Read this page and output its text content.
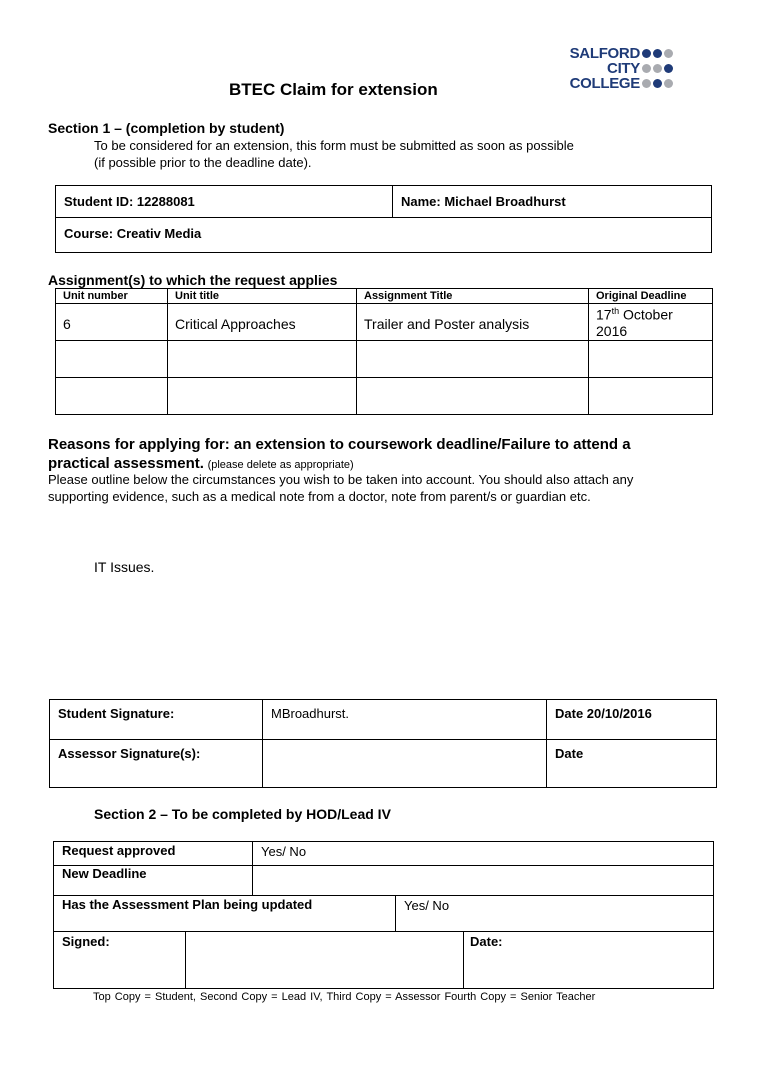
SALFORD
CITY
COLLEGE
BTEC Claim for extension
Section 1 – (completion by student)
To be considered for an extension, this form must be submitted as soon as possible
(if possible prior to the deadline date).
Student ID: 12288081	Name: Michael Broadhurst

Course: Creativ Media
Assignment(s) to which the request applies
Unit number	Unit title	Assignment Title	Original Deadline
6	Critical Approaches	Trailer and Poster analysis	17th October 2016

Reasons for applying for: an extension to coursework deadline/Failure to attend a
practical assessment. (please delete as appropriate)
Please outline below the circumstances you wish to be taken into account. You should also attach any
supporting evidence, such as a medical note from a doctor, note from parent/s or guardian etc.
IT Issues.
Student Signature:	MBroadhurst.	Date 20/10/2016

Assessor Signature(s):		Date
Section 2 – To be completed by HOD/Lead IV
Request approved	Yes/ No

New Deadline	

Has the Assessment Plan being updated	Yes/ No
Signed:		Date:
Top Copy = Student, Second Copy = Lead IV, Third Copy = Assessor Fourth Copy = Senior Teacher
